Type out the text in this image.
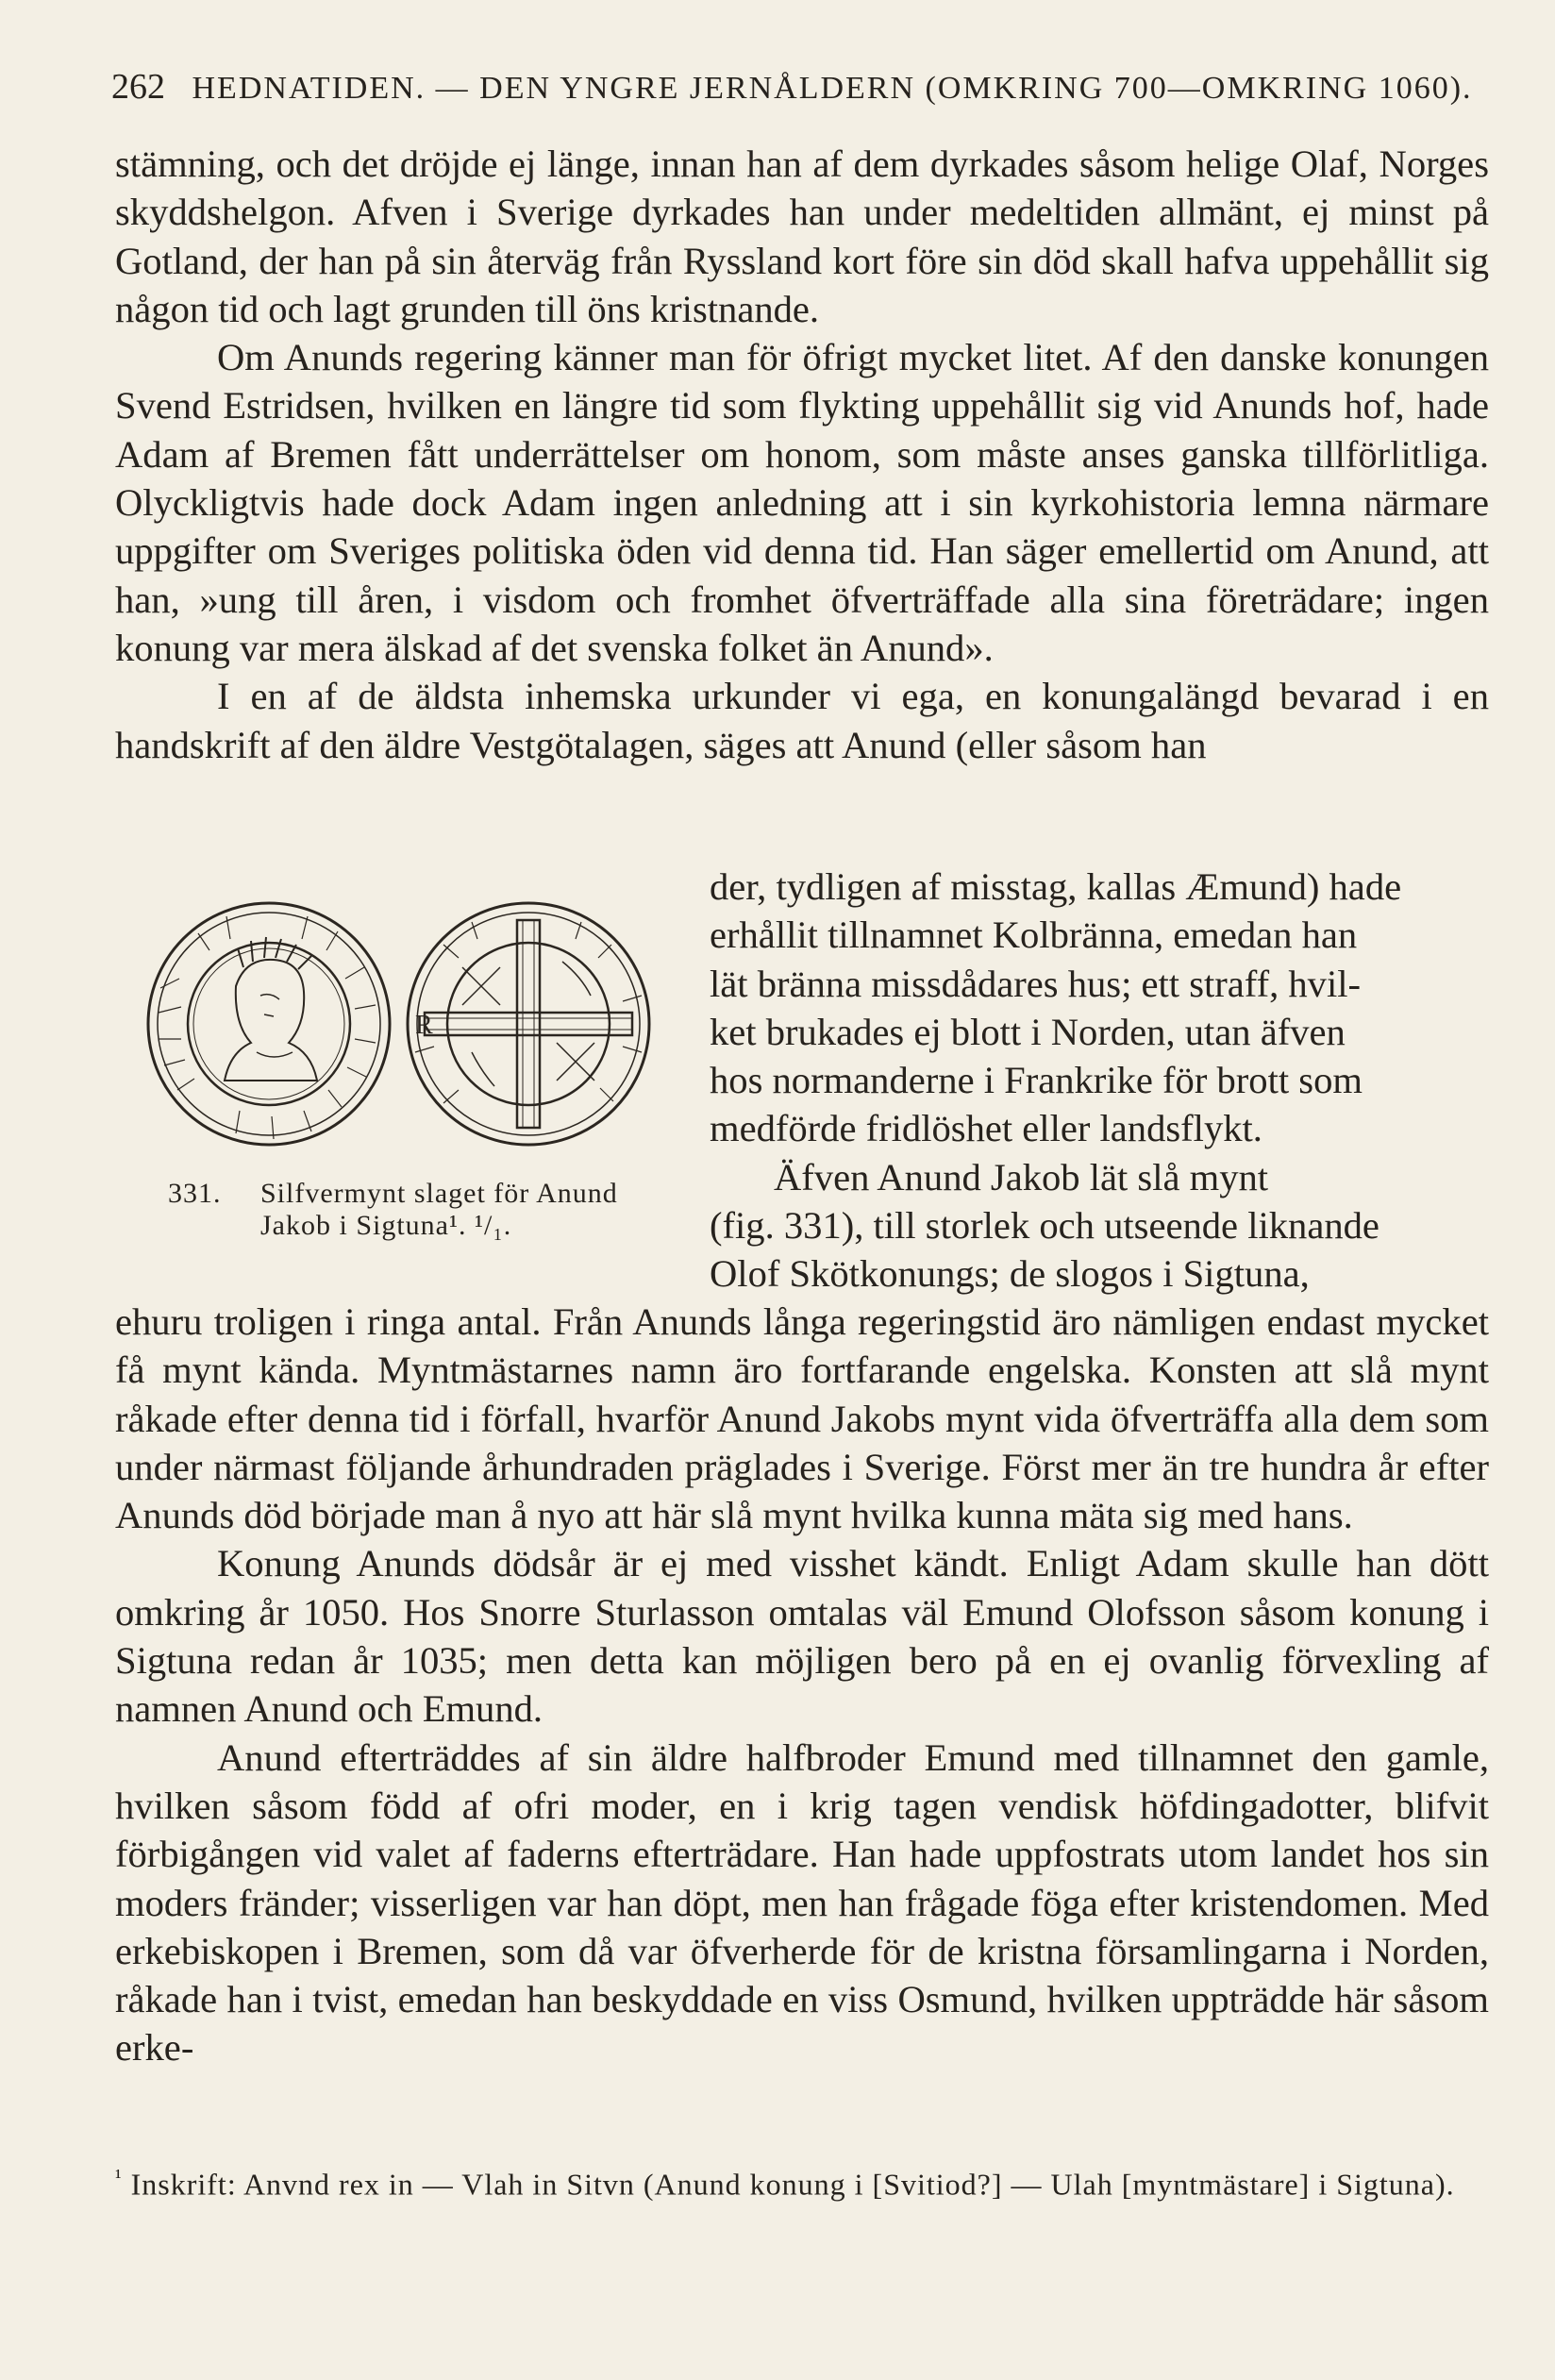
262 HEDNATIDEN. — DEN YNGRE JERNÅLDERN (OMKRING 700—OMKRING 1060).

stämning, och det dröjde ej länge, innan han af dem dyrkades såsom helige Olaf, Norges skyddshelgon. Afven i Sverige dyrkades han under medeltiden allmänt, ej minst på Gotland, der han på sin återväg från Ryssland kort före sin död skall hafva uppehållit sig någon tid och lagt grunden till öns kristnande.

Om Anunds regering känner man för öfrigt mycket litet. Af den danske konungen Svend Estridsen, hvilken en längre tid som flykting uppehållit sig vid Anunds hof, hade Adam af Bremen fått underrättelser om honom, som måste anses ganska tillförlitliga. Olyckligtvis hade dock Adam ingen anledning att i sin kyrkohistoria lemna närmare uppgifter om Sveriges politiska öden vid denna tid. Han säger emellertid om Anund, att han, »ung till åren, i visdom och fromhet öfverträffade alla sina företrädare; ingen konung var mera älskad af det svenska folket än Anund».

I en af de äldsta inhemska urkunder vi ega, en konungalängd bevarad i en handskrift af den äldre Vestgötalagen, säges att Anund (eller såsom han

R
331.	Silfvermynt slaget för Anund
Jakob i Sigtuna¹. ¹/₁.
der, tydligen af misstag, kallas Æmund) hade
erhållit tillnamnet Kolbränna, emedan han
lät bränna missdådares hus; ett straff, hvil-
ket brukades ej blott i Norden, utan äfven
hos normanderne i Frankrike för brott som
medförde fridlöshet eller landsflykt.
Äfven Anund Jakob lät slå mynt
(fig. 331), till storlek och utseende liknande
Olof Skötkonungs; de slogos i Sigtuna,

ehuru troligen i ringa antal. Från Anunds långa regeringstid äro nämligen endast mycket få mynt kända. Myntmästarnes namn äro fortfarande engelska. Konsten att slå mynt råkade efter denna tid i förfall, hvarför Anund Jakobs mynt vida öfverträffa alla dem som under närmast följande århundraden präglades i Sverige. Först mer än tre hundra år efter Anunds död började man å nyo att här slå mynt hvilka kunna mäta sig med hans.

Konung Anunds dödsår är ej med visshet kändt. Enligt Adam skulle han dött omkring år 1050. Hos Snorre Sturlasson omtalas väl Emund Olofsson såsom konung i Sigtuna redan år 1035; men detta kan möjligen bero på en ej ovanlig förvexling af namnen Anund och Emund.

Anund efterträddes af sin äldre halfbroder Emund med tillnamnet den gamle, hvilken såsom född af ofri moder, en i krig tagen vendisk höfdingadotter, blifvit förbigången vid valet af faderns efterträdare. Han hade uppfostrats utom landet hos sin moders fränder; visserligen var han döpt, men han frågade föga efter kristendomen. Med erkebiskopen i Bremen, som då var öfverherde för de kristna församlingarna i Norden, råkade han i tvist, emedan han beskyddade en viss Osmund, hvilken uppträdde här såsom erke-

$^{^1}$ Inskrift: Anvnd rex in — Vlah in Sitvn (Anund konung i [Svitiod?] — Ulah [myntmästare] i Sigtuna).
